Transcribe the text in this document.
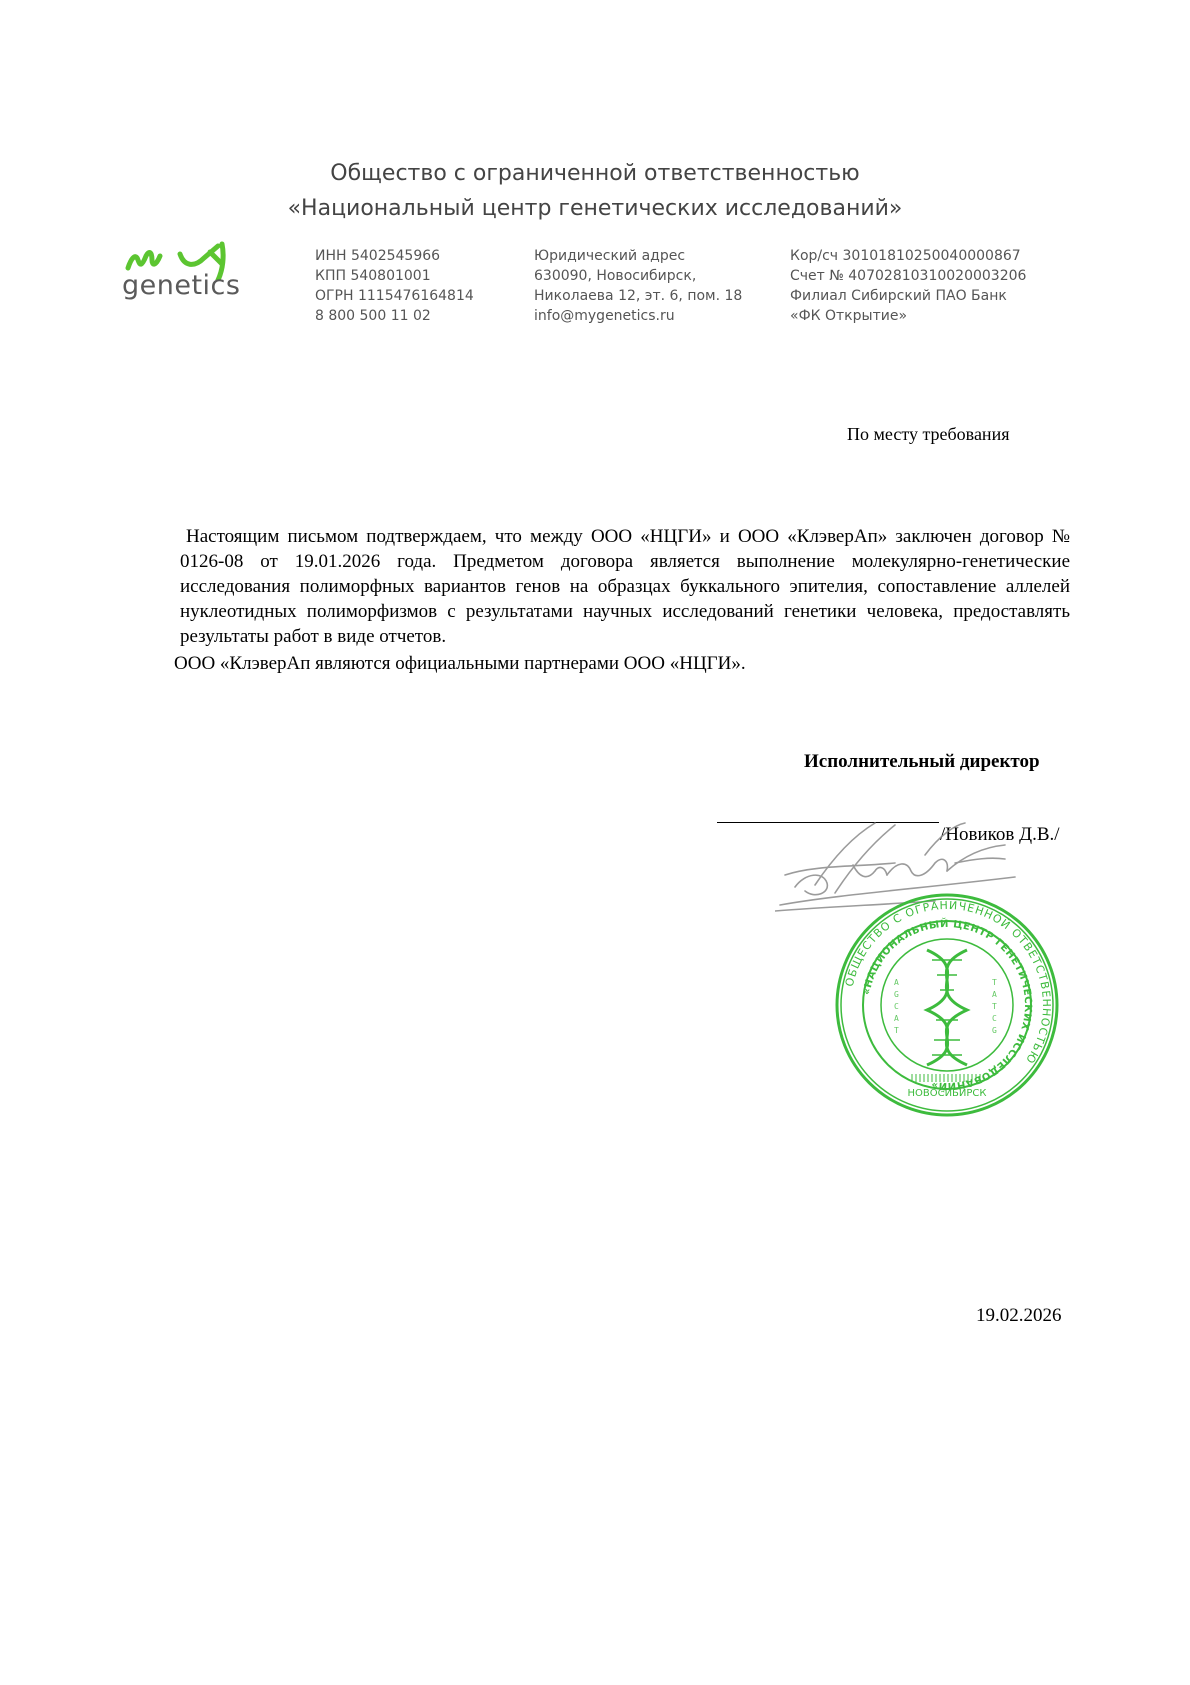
Общество с ограниченной ответственностью
«Национальный центр генетических исследований»
genetics
ИНН 5402545966
КПП 540801001
ОГРН 1115476164814
8 800 500 11 02
Юридический адрес
630090, Новосибирск,
Николаева 12, эт. 6, пом. 18
info@mygenetics.ru
Кор/сч 30101810250040000867
Счет № 40702810310020003206
Филиал Сибирский ПАО Банк
«ФК Открытие»
По месту требования

Настоящим письмом подтверждаем, что между ООО «НЦГИ» и ООО «КлэверАп» заключен договор № 0126-08 от 19.01.2026 года. Предметом договора является выполнение молекулярно-генетические исследования полиморфных вариантов генов на образцах буккального эпителия, сопоставление аллелей нуклеотидных полиморфизмов с результатами научных исследований генетики человека, предоставлять результаты работ в виде отчетов.

ООО «КлэверАп являются официальными партнерами ООО «НЦГИ».

Исполнительный директор
/Новиков Д.В./
ОБЩЕСТВО С ОГРАНИЧЕННОЙ ОТВЕТСТВЕННОСТЬЮ
«НАЦИОНАЛЬНЫЙ ЦЕНТР ГЕНЕТИЧЕСКИХ ИССЛЕДОВАНИЙ»
НОВОСИБИРСК
A
G
C
A
T
T
A
T
C
G
19.02.2026
